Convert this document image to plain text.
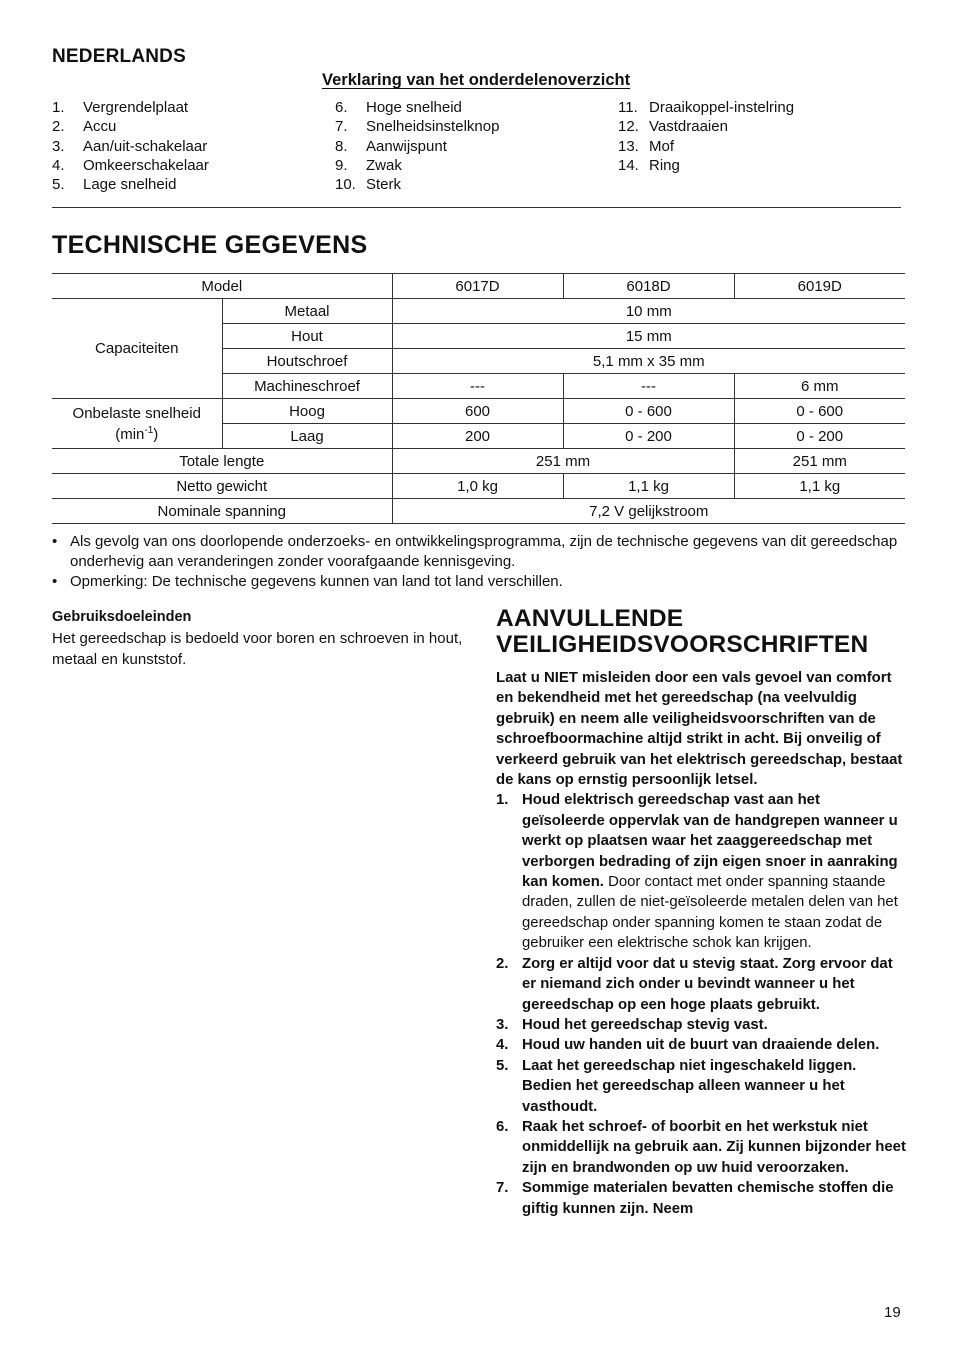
NEDERLANDS
Verklaring van het onderdelenoverzicht
1.	Vergrendelplaat
2.	Accu
3.	Aan/uit-schakelaar
4.	Omkeerschakelaar
5.	Lage snelheid
6.	Hoge snelheid
7.	Snelheidsinstelknop
8.	Aanwijspunt
9.	Zwak
10. Sterk
11. Draaikoppel-instelring
12. Vastdraaien
13. Mof
14. Ring
TECHNISCHE GEGEVENS
Model		6017D	6018D	6019D
Capaciteiten	Metaal	10 mm		
	Hout	15 mm		
	Houtschroef	5,1 mm x 35 mm		
	Machineschroef	---	---	6 mm
Onbelaste snelheid
$(\min^{-1})$	Hoog	600	0 - 600	0 - 600
	Laag	200	0 - 200	0 - 200
Totale lengte		251 mm		251 mm
Netto gewicht		1,0 kg	1,1 kg	1,1 kg
Nominale spanning		7,2 V gelijkstroom		
• Als gevolg van ons doorlopende onderzoeks- en ontwikkelingsprogramma, zijn de technische gegevens van dit gereedschap onderhevig aan veranderingen zonder voorafgaande kennisgeving.
• Opmerking: De technische gegevens kunnen van land tot land verschillen.
Gebruiksdoeleinden
Het gereedschap is bedoeld voor boren en schroeven in hout, metaal en kunststof.
AANVULLENDE
VEILIGHEIDSVOORSCHRIFTEN
Laat u NIET misleiden door een vals gevoel van comfort en bekendheid met het gereedschap (na veelvuldig gebruik) en neem alle veiligheidsvoorschriften van de schroefboormachine altijd strikt in acht. Bij onveilig of verkeerd gebruik van het elektrisch gereedschap, bestaat de kans op ernstig persoonlijk letsel.
1. Houd elektrisch gereedschap vast aan het geïsoleerde oppervlak van de handgrepen wanneer u werkt op plaatsen waar het zaaggereedschap met verborgen bedrading of zijn eigen snoer in aanraking kan komen. Door contact met onder spanning staande draden, zullen de niet-geïsoleerde metalen delen van het gereedschap onder spanning komen te staan zodat de gebruiker een elektrische schok kan krijgen.
2. Zorg er altijd voor dat u stevig staat. Zorg ervoor dat er niemand zich onder u bevindt wanneer u het gereedschap op een hoge plaats gebruikt.
3. Houd het gereedschap stevig vast.
4. Houd uw handen uit de buurt van draaiende delen.
5. Laat het gereedschap niet ingeschakeld liggen. Bedien het gereedschap alleen wanneer u het vasthoudt.
6. Raak het schroef- of boorbit en het werkstuk niet onmiddellijk na gebruik aan. Zij kunnen bijzonder heet zijn en brandwonden op uw huid veroorzaken.
7. Sommige materialen bevatten chemische stoffen die giftig kunnen zijn. Neem
19
